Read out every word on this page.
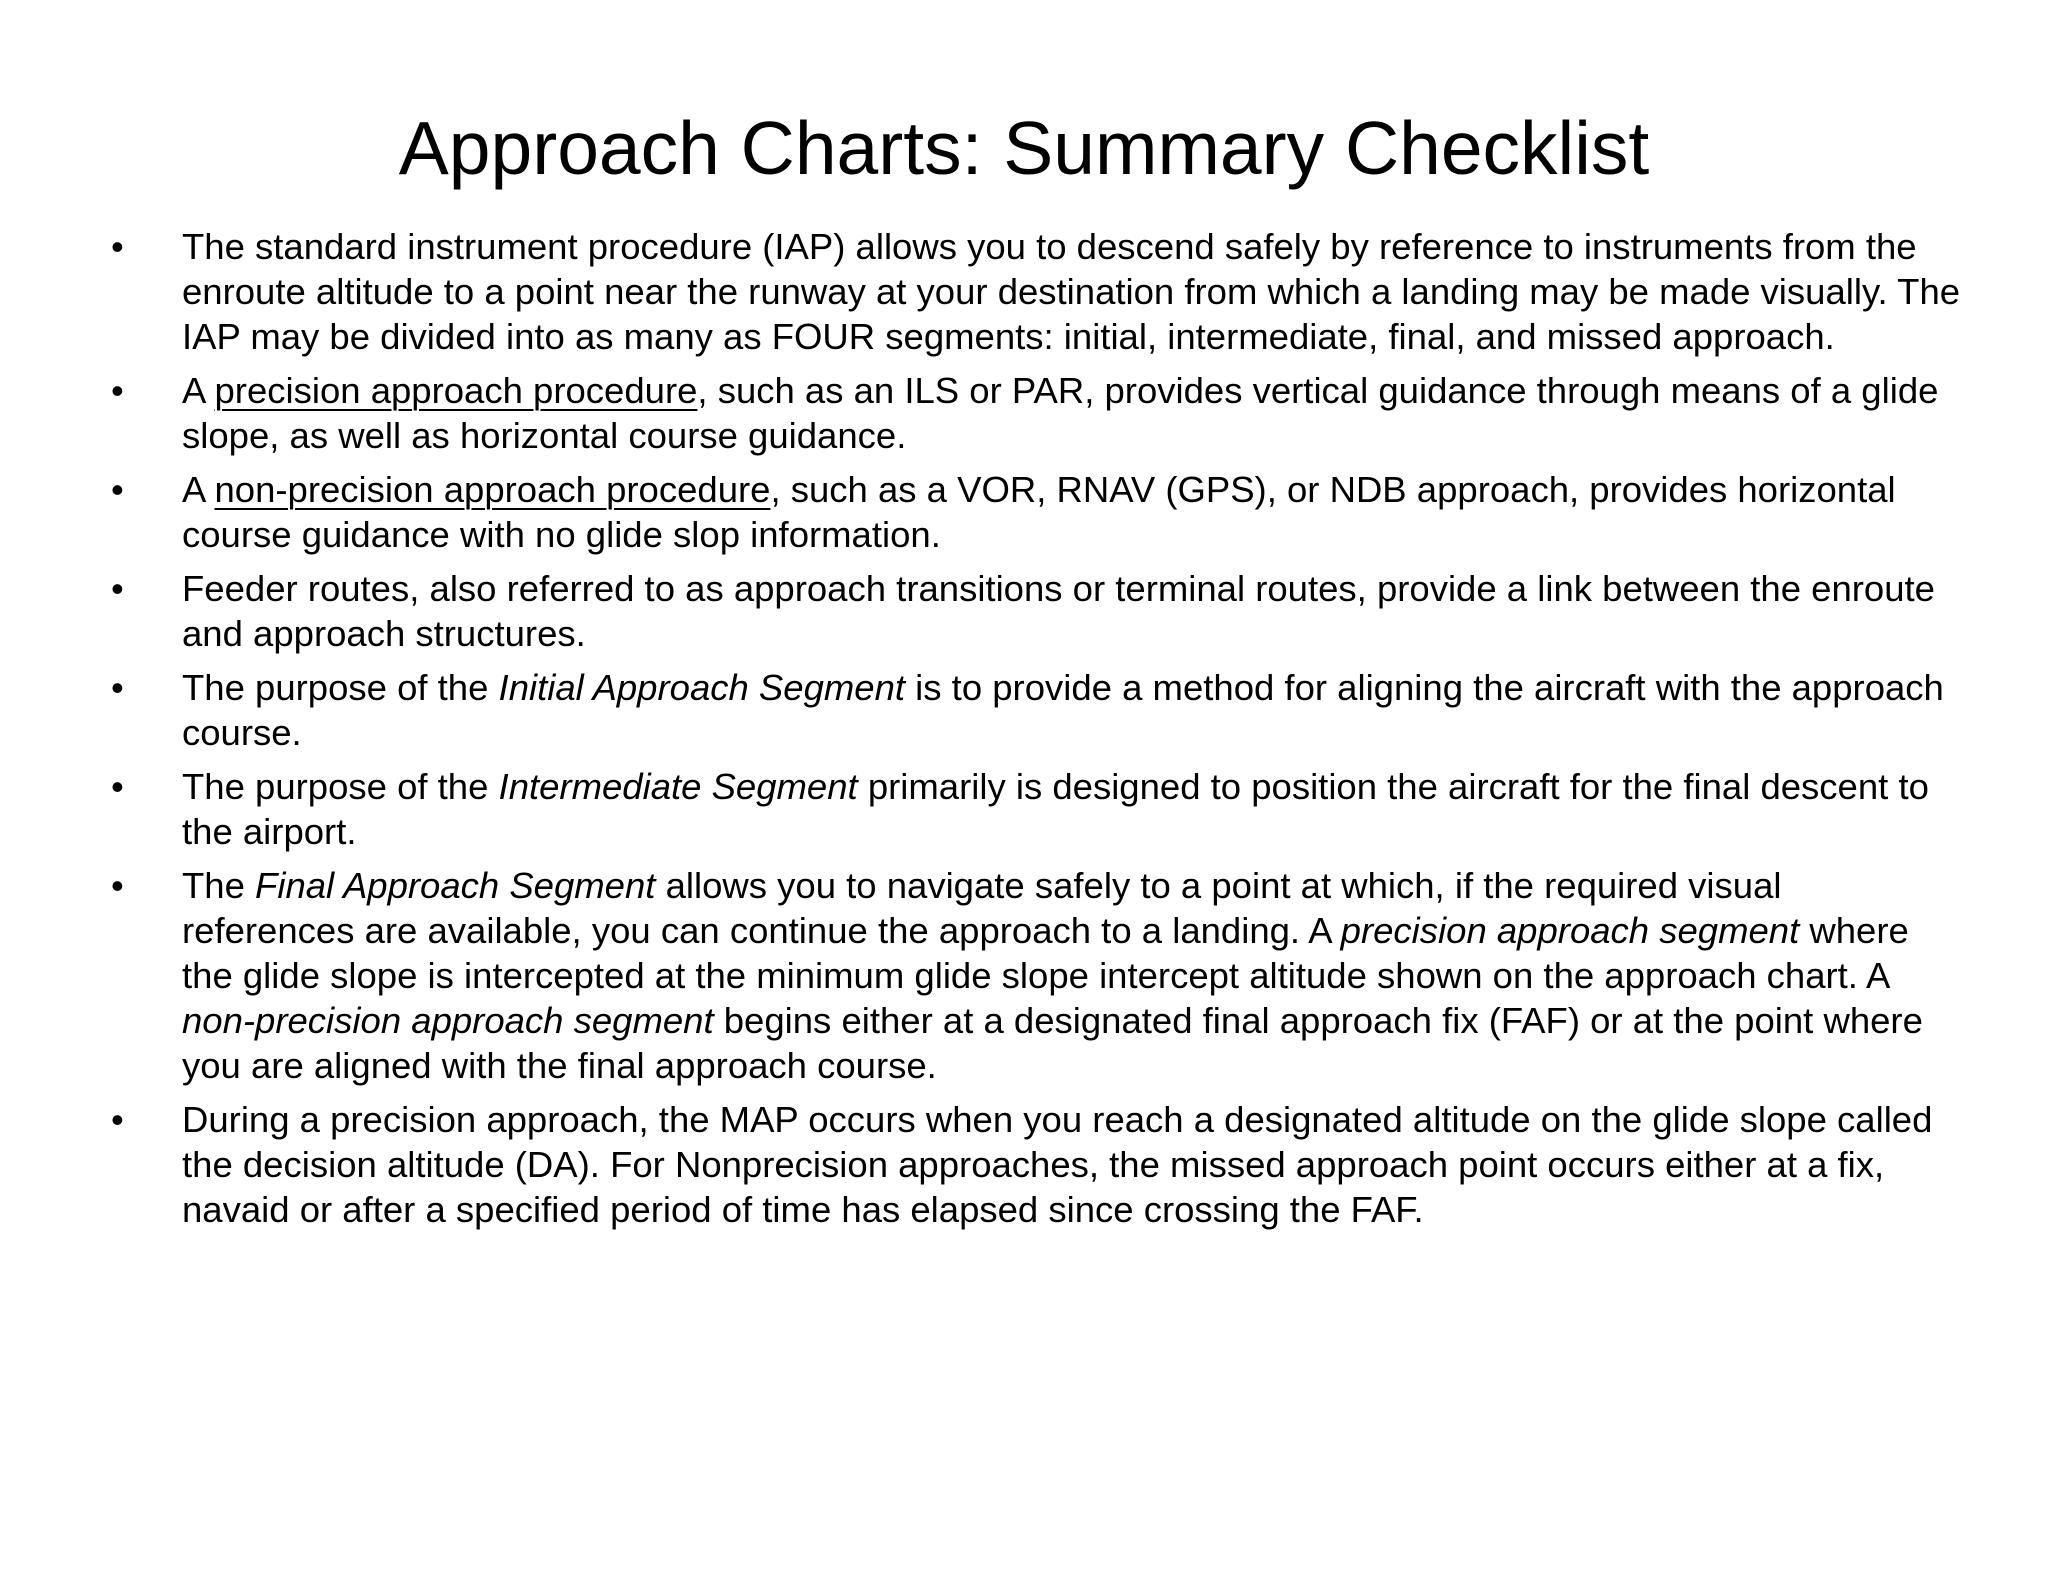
Approach Charts: Summary Checklist
• The standard instrument procedure (IAP) allows you to descend safely by reference to instruments from the enroute altitude to a point near the runway at your destination from which a landing may be made visually. The IAP may be divided into as many as FOUR segments: initial, intermediate, final, and missed approach.
• A precision approach procedure, such as an ILS or PAR, provides vertical guidance through means of a glide slope, as well as horizontal course guidance.
• A non-precision approach procedure, such as a VOR, RNAV (GPS), or NDB approach, provides horizontal course guidance with no glide slop information.
• Feeder routes, also referred to as approach transitions or terminal routes, provide a link between the enroute and approach structures.
• The purpose of the Initial Approach Segment is to provide a method for aligning the aircraft with the approach course.
• The purpose of the Intermediate Segment primarily is designed to position the aircraft for the final descent to the airport.
• The Final Approach Segment allows you to navigate safely to a point at which, if the required visual references are available, you can continue the approach to a landing. A precision approach segment where the glide slope is intercepted at the minimum glide slope intercept altitude shown on the approach chart. A non-precision approach segment begins either at a designated final approach fix (FAF) or at the point where you are aligned with the final approach course.
• During a precision approach, the MAP occurs when you reach a designated altitude on the glide slope called the decision altitude (DA). For Nonprecision approaches, the missed approach point occurs either at a fix, navaid or after a specified period of time has elapsed since crossing the FAF.
